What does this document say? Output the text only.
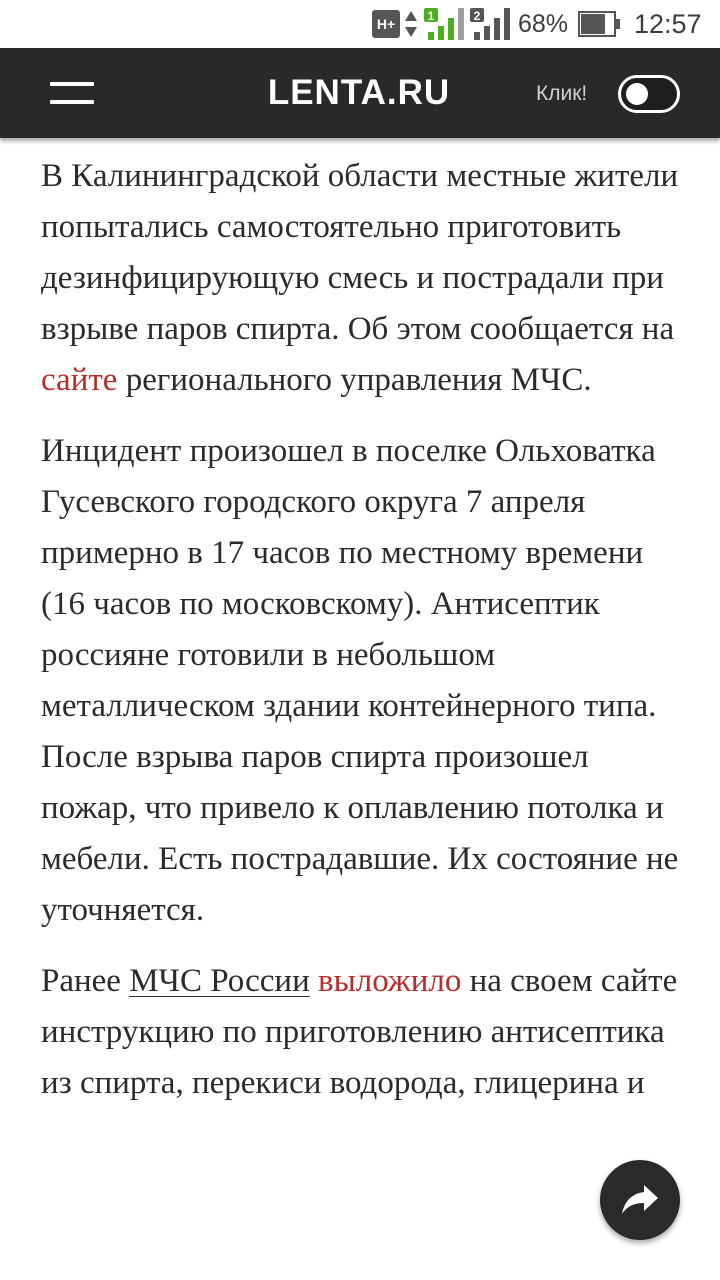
H+	1	2 68% 12:57
LENTA.RU	Клик!

В Калининградской области местные жители попытались самостоятельно приготовить дезинфицирующую смесь и пострадали при взрыве паров спирта. Об этом сообщается на сайте регионального управления МЧС.

Инцидент произошел в поселке Ольховатка Гусевского городского округа 7 апреля примерно в 17 часов по местному времени (16 часов по московскому). Антисептик россияне готовили в небольшом металлическом здании контейнерного типа. После взрыва паров спирта произошел пожар, что привело к оплавлению потолка и мебели. Есть пострадавшие. Их состояние не уточняется.

Ранее МЧС России выложило на своем сайте инструкцию по приготовлению антисептика из спирта, перекиси водорода, глицерина и
